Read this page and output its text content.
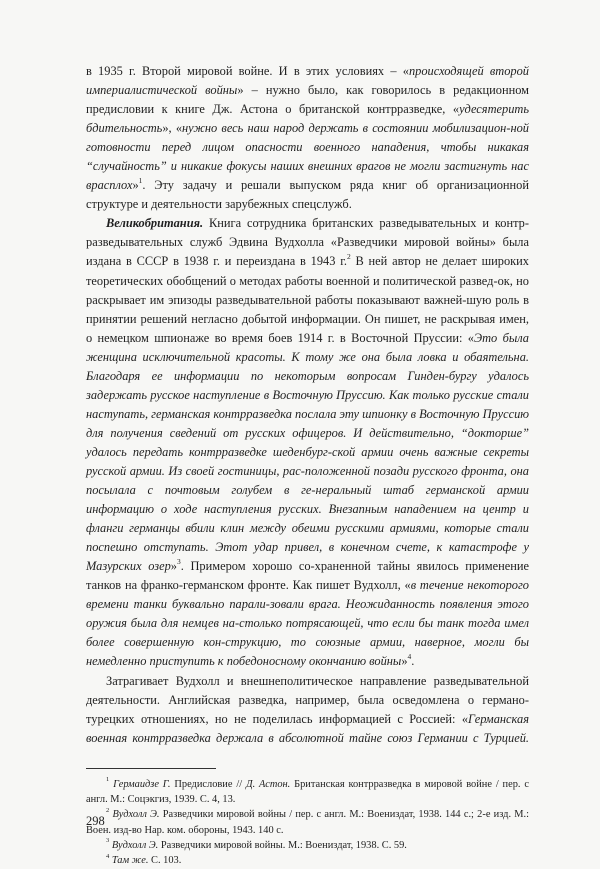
в 1935 г. Второй мировой войне. И в этих условиях – «происходящей второй империалистической войны» – нужно было, как говорилось в редакционном предисловии к книге Дж. Астона о британской контрразведке, «удесятерить бдительность», «нужно весь наш народ держать в состоянии мобилизацион-ной готовности перед лицом опасности военного нападения, чтобы никакая “случайность” и никакие фокусы наших внешних врагов не могли застигнуть нас врасплох»$^1$. Эту задачу и решали выпуском ряда книг об организационной структуре и деятельности зарубежных спецслужб.

Великобритания. Книга сотрудника британских разведывательных и контр-разведывательных служб Эдвина Вудхолла «Разведчики мировой войны» была издана в СССР в 1938 г. и переиздана в 1943 г.$^2$ В ней автор не делает широких теоретических обобщений о методах работы военной и политической развед-ок, но раскрывает им эпизоды разведывательной работы показывают важней-шую роль в принятии решений негласно добытой информации. Он пишет, не раскрывая имен, о немецком шпионаже во время боев 1914 г. в Восточной Пруссии: «Это была женщина исключительной красоты. К тому же она была ловка и обаятельна. Благодаря ее информации по некоторым вопросам Гинден-бургу удалось задержать русское наступление в Восточную Пруссию. Как только русские стали наступать, германская контрразведка послала эту шпионку в Восточную Пруссию для получения сведений от русских офицеров. И действительно, “докторше” удалось передать контрразведке шеденбург-ской армии очень важные секреты русской армии. Из своей гостиницы, рас-положенной позади русского фронта, она посылала с почтовым голубем в ге-неральный штаб германской армии информацию о ходе наступления русских. Внезапным нападением на центр и фланги германцы вбили клин между обеими русскими армиями, которые стали поспешно отступать. Этот удар привел, в конечном счете, к катастрофе у Мазурских озер»$^3$. Примером хорошо со-храненной тайны явилось применение танков на франко-германском фронте. Как пишет Вудхолл, «в течение некоторого времени танки буквально парали-зовали врага. Неожиданность появления этого оружия была для немцев на-столько потрясающей, что если бы танк тогда имел более совершенную кон-струкцию, то союзные армии, наверное, могли бы немедленно приступить к победоносному окончанию войны»$^4$.

Затрагивает Вудхолл и внешнеполитическое направление разведывательной деятельности. Английская разведка, например, была осведомлена о германо-турецких отношениях, но не поделилась информацией с Россией: «Германская военная контрразведка держала в абсолютной тайне союз Германии с Турцией.

$^1$ Гермаидзе Г. Предисловие // Д. Астон. Британская контрразведка в мировой войне / пер. с англ. М.: Соцэкгиз, 1939. С. 4, 13.

$^2$ Вудхолл Э. Разведчики мировой войны / пер. с англ. М.: Воениздат, 1938. 144 с.; 2-е изд. М.: Воен. изд-во Нар. ком. обороны, 1943. 140 с.

$^3$ Вудхолл Э. Разведчики мировой войны. М.: Воениздат, 1938. С. 59.

$^4$ Там же. С. 103.

298
